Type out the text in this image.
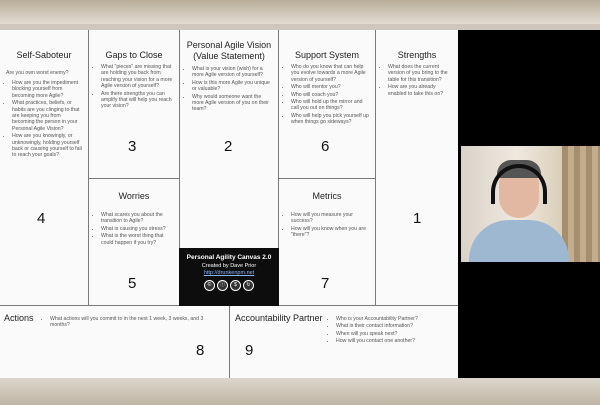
Self-Saboteur
Are you own worst enemy?
• How are you the impediment blocking yourself from becoming more Agile?
• What practices, beliefs, or habits are you clinging to that are keeping you from becoming the person in your Personal Agile Vision?
• How are you knowingly, or unknowingly, holding yourself back or causing yourself to fail to reach your goals?
4
Gaps to Close
• What "pieces" are missing that are holding you back from reaching your vision for a more Agile version of yourself?
• Are there strengths you can amplify that will help you reach your vision?
3
Personal Agile Vision (Value Statement)
• What is your vision (wish) for a more Agile version of yourself?
• How is this more Agile you unique or valuable?
• Why would someone want the more Agile version of you on their team?
2
Support System
• Who do you know that can help you evolve towards a more Agile version of yourself?
• Who will mentor you?
• Who will coach you?
• Who will hold up the mirror and call you out on things?
• Who will help you pick yourself up when things go sideways?
6
Strengths
• What does the current version of you bring to the table for this transition?
• How are you already enabled to take this on?
1
Worries
• What scares you about the transition to Agile?
• What is causing you stress?
• What is the worst thing that could happen if you try?
5
Metrics
• How will you measure your success?
• How will you know when you are "there"?
7
Actions	• What actions will you commit to in the next 1 week, 3 weeks, and 3 months?
8
Accountability Partner	• Who is your Accountability Partner?
• What is their contact information?
• When will you speak next?
• How will you contact one another?
9
Personal Agility Canvas 2.0
Created by Dave Prior
http://drunkenpm.net
©	ⓘ	$	↻
